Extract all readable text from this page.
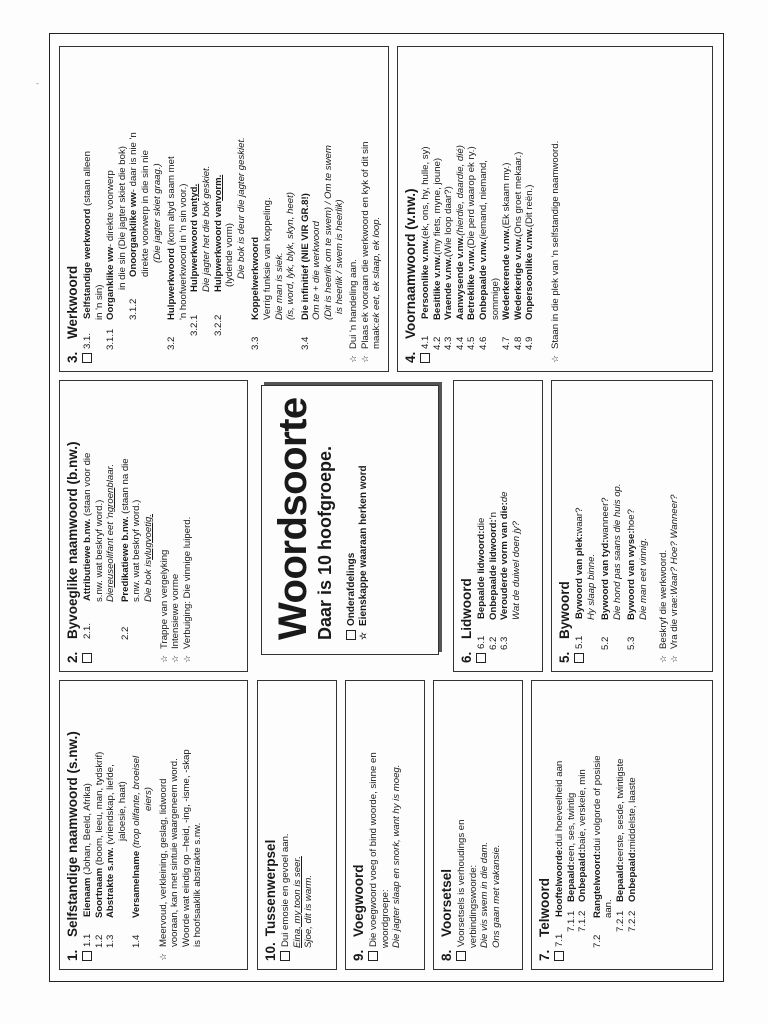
-
1.
Selfstandige naamwoord (s.nw.)
1.1
Eienaam

(Johan, Beeld, Afrika)
1.2
Soortnaam

(boom, leeu, man, tydskrif)
1.3
Abstrakte s.nw.

(vriendskap, liefde, jaloesie, haat)
1.4
Versamelname

(trop olifante, broeisel eiers)
☆
Meervoud, verkleining, geslag, lidwoord vooraan, kan met sintuie waargeneem word. Woorde wat eindig op –heid, -ing, -isme, -skap is hoofsaaklik abstrakte s.nw.
10.
Tussenwerpsel Dui emosie en gevoel aan. Eina, my toon is seer. Sjoe, dit is warm.
9.
Voegwoord Die voegwoord voeg of bind woorde, sinne en woordgroepe: Die jagter slaap en snork, want hy is moeg.
8.
Voorsetsel Voorsetsels is verhoudings en verbindingswoorde: Die vis swem in die dam. Ons gaan met vakansie.
7.
Telwoord
7.1
Hooftelwoorde:
dui hoeveelheid aan
7.1.1
Bepaald:
een, ses, twintig
7.1.2
Onbepaald:
baie, verskeie, min
7.2
Rangtelwoord:
dui volgorde of posisie
aan.
7.2.1
Bepaald:
eerste, sesde, twintigste
7.2.2
Onbepaald:
middelste, laaste
2.
Byvoeglike naamwoord (b.nw.) 2.1.
Attributiewe b.nw.

(staan voor die
s.nw. wat beskryf word.) Die
reuse
olifant eet 'n
groen
blaar.
2.2
Predikatiewe b.nw.

(staan na die
s.nw. wat beskryf word.) Die bok is
vlugvoetig.
☆
Trappe van vergelyking
☆
Intensiewe vorme
☆
Verbuiging: Die vinnige luiperd. Woordsoorte Daar is 10 hoofgroepe. Onderafdelings
☆
Eienskappe waaraan herken word
6.
Lidwoord
6.1
Bepaalde lidwoord:
die
6.2
Onbepaalde lidwoord:
'n
6.3
Verouderde vorm van die:
de
Wat de duiwel doen jy?
5.
Bywoord
5.1
Bywoord van plek:
waar?
Hy slaap binne.
5.2
Bywoord van tyd:
wanneer? Die hond pas saans die huis op.
5.3
Bywoord van wyse:
hoe?
Die man eet vinnig.
☆
Beskryf die werkwoord.
☆
Vra die vrae:
Waar? Hoe? Wanneer?
3.
Werkwoord
3.1.
Selfstandige werkwoord

(staan alleen
in 'n sin)
3.1.1
Oorganklike ww
- direkte voorwerp in die sin (Die jagter skiet die bok)
3.1.2
Onoorganklike ww
- daar is nie 'n direkte voorwerp in die sin nie (Die jagter skiet graag.)
3.2
Hulpwerkwoord

(kom altyd saam met 'n hoofwerkwoord in 'n sin voor.)
3.2.1
Hulpwerkwoord van
tyd. Die jagter het die bok geskiet.
3.2.2
Hulpwerkwoord van
vorm.
(lydende vorm) Die bok is deur die jagter geskiet.
3.3
Koppelwerkwoord Verrig funksie van koppeling. Die man is siek. (is, word, lyk, blyk, skyn, heet)
3.4
Die infinitief (NIE VIR GR.8!) Om te + die werkwoord (Dit is heerlik om te swem) / Om te swem is heerlik / swem is heerlik)
☆
Dui 'n handeling aan.
☆
Plaas ek vooraan die werkwoord en kyk of dit sin maak:
ek eet, ek slaap, ek loop.
4.
Voornaamwoord (v.nw.)
4.1
Persoonlike v.nw.
(ek, ons, hy, hulle, sy)
4.2
Besitlike v.nw.
(my fiets, myne, joune)
4.3
Vraende v.nw.
(Wie loop daar?)
4.4
Aanwysende v.nw.
(hierdie, daardie, dié)
4.5
Betreklike v.nw.
(Die perd waarop ek ry.)
4.6
Onbepaalde v.nw.
(iemand, niemand,
sommige)
4.7
Wederkerende v.nw.
(Ek skaam my.)
4.8
Wederkerige v.nw.
(Ons groet mekaar.)
4.9
Onpersoonlike v.nw.
(Dit reën.)
☆
Staan in die plek van 'n selfstandige naamwoord.
